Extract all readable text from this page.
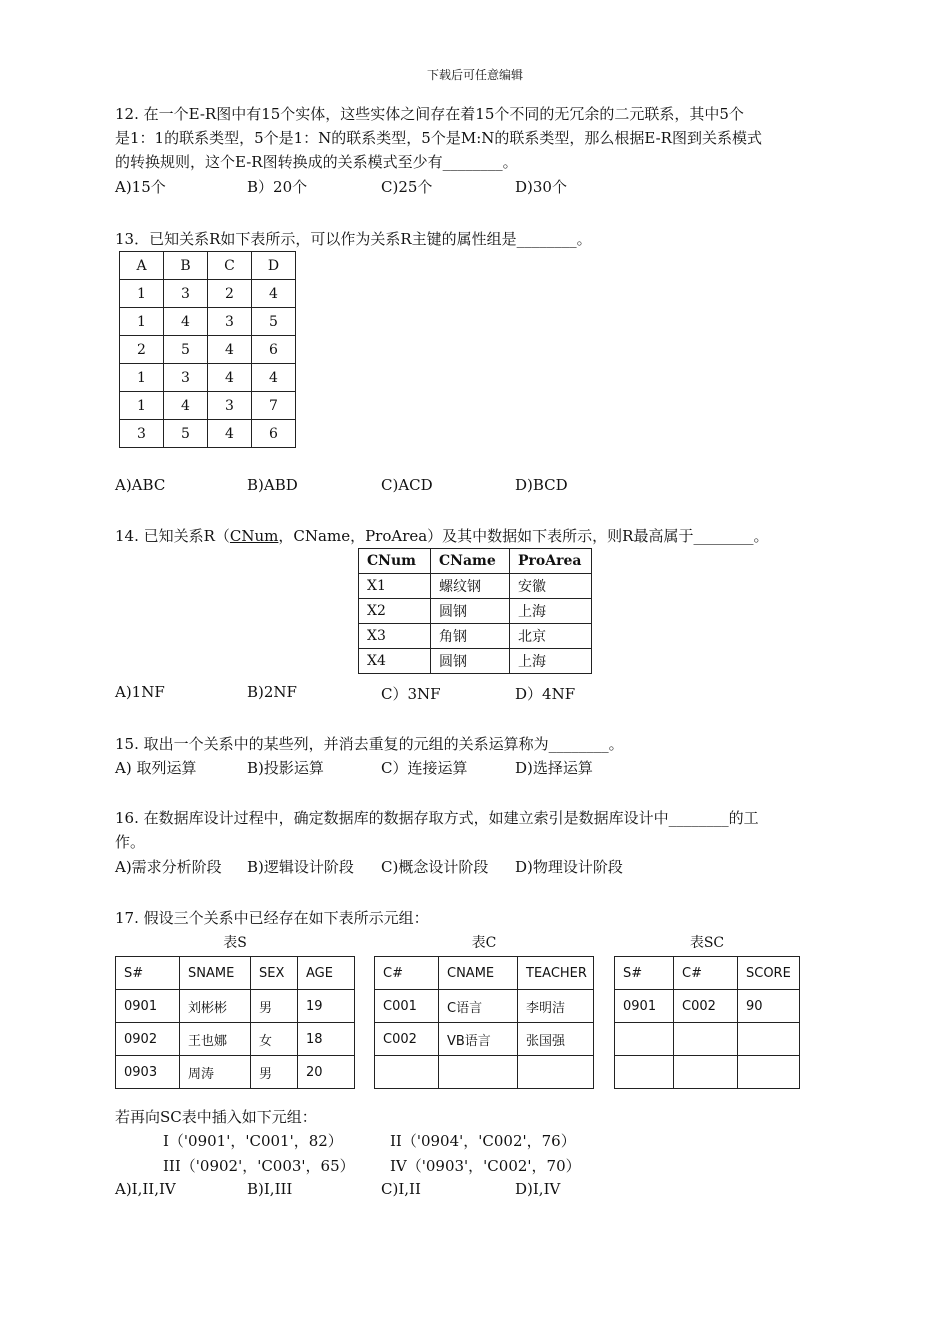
下载后可任意编辑
12. 在一个E-R图中有15个实体，这些实体之间存在着15个不同的无冗余的二元联系，其中5个
是1：1的联系类型，5个是1：N的联系类型，5个是M:N的联系类型，那么根据E-R图到关系模式
的转换规则，这个E-R图转换成的关系模式至少有________。
A)15个	B）20个	C)25个	D)30个
13．已知关系R如下表所示，可以作为关系R主键的属性组是________。
A	B	C	D
1	3	2	4
1	4	3	5
2	5	4	6
1	3	4	4
1	4	3	7
3	5	4	6
A)ABC	B)ABD	C)ACD	D)BCD
14. 已知关系R（CNum，CName，ProArea）及其中数据如下表所示，则R最高属于________。
CNum	CName	ProArea
X1	螺纹钢	安徽
X2	圆钢	上海
X3	角钢	北京
X4	圆钢	上海
A)1NF	B)2NF	C）3NF	D）4NF
15. 取出一个关系中的某些列，并消去重复的元组的关系运算称为________。
A) 取列运算	B)投影运算	C）连接运算	D)选择运算
16. 在数据库设计过程中，确定数据库的数据存取方式，如建立索引是数据库设计中________的工
作。
A)需求分析阶段 B)逻辑设计阶段 C)概念设计阶段 D)物理设计阶段
17. 假设三个关系中已经存在如下表所示元组：
表S
S#	SNAME	SEX	AGE
0901	刘彬彬	男	19
0902	王也娜	女	18
0903	周涛	男	20
表C
C#	CNAME	TEACHER
C001	C语言	李明洁
C002	VB语言	张国强

表SC
S#	C#	SCORE
0901	C002	90

若再向SC表中插入如下元组：
I（'0901'，'C001'，82）	II（'0904'，'C002'，76）
III（'0902'，'C003'，65） IV（'0903'，'C002'，70）
A)I,II,IV	B)I,III	C)I,II	D)I,IV
